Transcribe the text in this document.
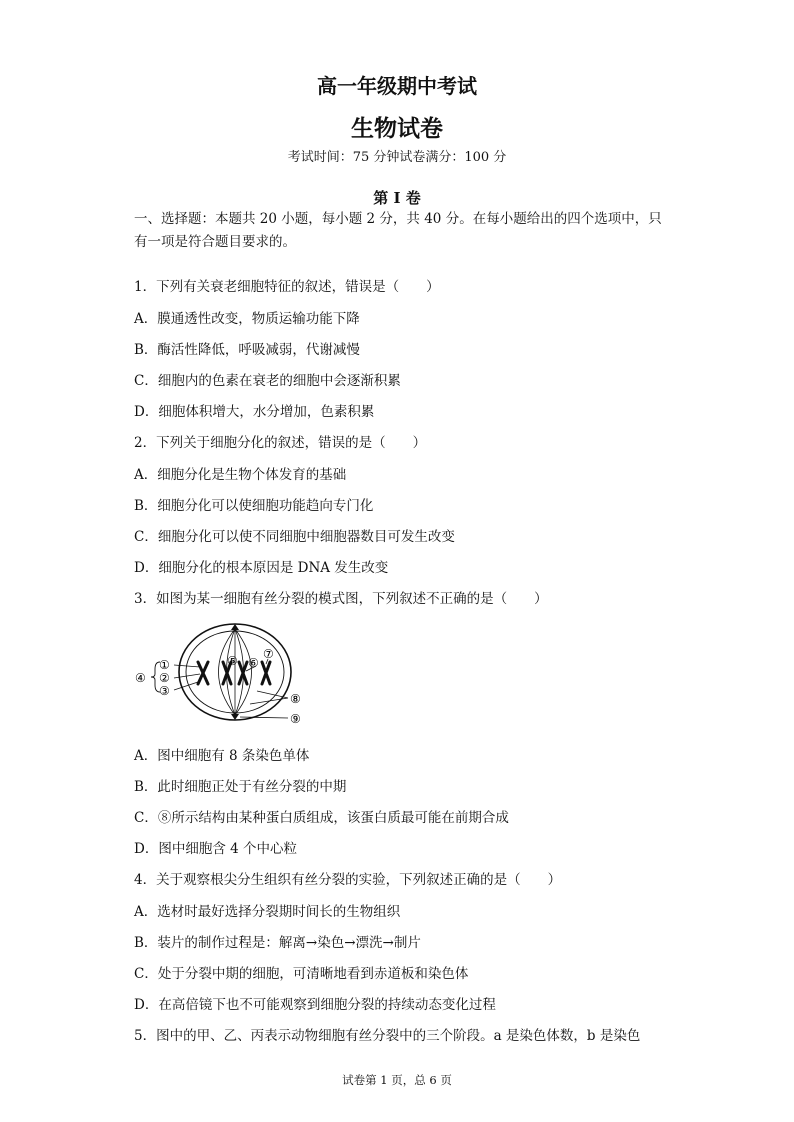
高一年级期中考试
生物试卷
考试时间：75 分钟试卷满分：100 分
第 I 卷
一、选择题：本题共 20 小题，每小题 2 分，共 40 分。在每小题给出的四个选项中，只有一项是符合题目要求的。
1．下列有关衰老细胞特征的叙述，错误是（　　）
A．膜通透性改变，物质运输功能下降
B．酶活性降低，呼吸减弱，代谢减慢
C．细胞内的色素在衰老的细胞中会逐渐积累
D．细胞体积增大，水分增加，色素积累
2．下列关于细胞分化的叙述，错误的是（　　）
A．细胞分化是生物个体发育的基础
B．细胞分化可以使细胞功能趋向专门化
C．细胞分化可以使不同细胞中细胞器数目可发生改变
D．细胞分化的根本原因是 DNA 发生改变
3．如图为某一细胞有丝分裂的模式图，下列叙述不正确的是（　　）
①
②
③
④
⑤ ⑥
⑦
⑧
⑨
A．图中细胞有 8 条染色单体
B．此时细胞正处于有丝分裂的中期
C．⑧所示结构由某种蛋白质组成，该蛋白质最可能在前期合成
D．图中细胞含 4 个中心粒
4．关于观察根尖分生组织有丝分裂的实验，下列叙述正确的是（　　）
A．选材时最好选择分裂期时间长的生物组织
B．装片的制作过程是：解离→染色→漂洗→制片
C．处于分裂中期的细胞，可清晰地看到赤道板和染色体
D．在高倍镜下也不可能观察到细胞分裂的持续动态变化过程
5．图中的甲、乙、丙表示动物细胞有丝分裂中的三个阶段。a 是染色体数，b 是染色
试卷第 1 页，总 6 页
